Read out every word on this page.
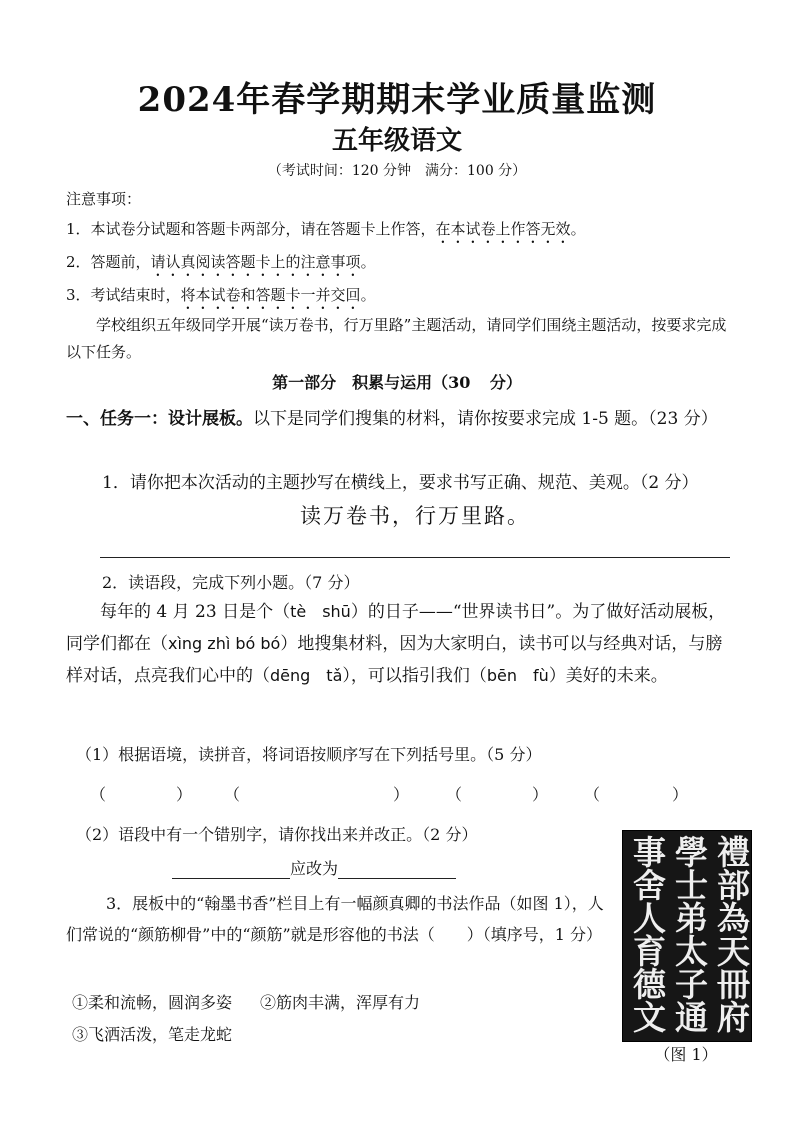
2024年春学期期末学业质量监测
五年级语文
（考试时间：120 分钟　满分：100 分）
注意事项：
1．本试卷分试题和答题卡两部分，请在答题卡上作答，在本试卷上作答无效。
2．答题前，请认真阅读答题卡上的注意事项。
3．考试结束时，将本试卷和答题卡一并交回。
学校组织五年级同学开展“读万卷书，行万里路”主题活动，请同学们围绕主题活动，按要求完成以下任务。
第一部分　积累与运用（30 分）
一、任务一：设计展板。以下是同学们搜集的材料，请你按要求完成 1-5 题。（23 分）
1．请你把本次活动的主题抄写在横线上，要求书写正确、规范、美观。（2 分）
读万卷书，行万里路。
2．读语段，完成下列小题。（7 分）
每年的 4 月 23 日是个（tè　shū）的日子——“世界读书日”。为了做好活动展板，同学们都在（xìng zhì bó bó）地搜集材料，因为大家明白，读书可以与经典对话，与膀样对话，点亮我们心中的（dēng　tǎ），可以指引我们（bēn　fù）美好的未来。
（1）根据语境，读拼音，将词语按顺序写在下列括号里。（5 分）
（	） （	） （	） （	）
（2）语段中有一个错别字，请你找出来并改正。（2 分）
应改为
3．展板中的“翰墨书香”栏目上有一幅颜真卿的书法作品（如图 1），人们常说的“颜筋柳骨”中的“颜筋”就是形容他的书法（　　）（填序号，1 分）
①柔和流畅，圆润多姿 ②筋肉丰满，浑厚有力
③飞洒活泼，笔走龙蛇
禮部為天冊府
學士弟太子通
事舍人育德文
（图 1）
